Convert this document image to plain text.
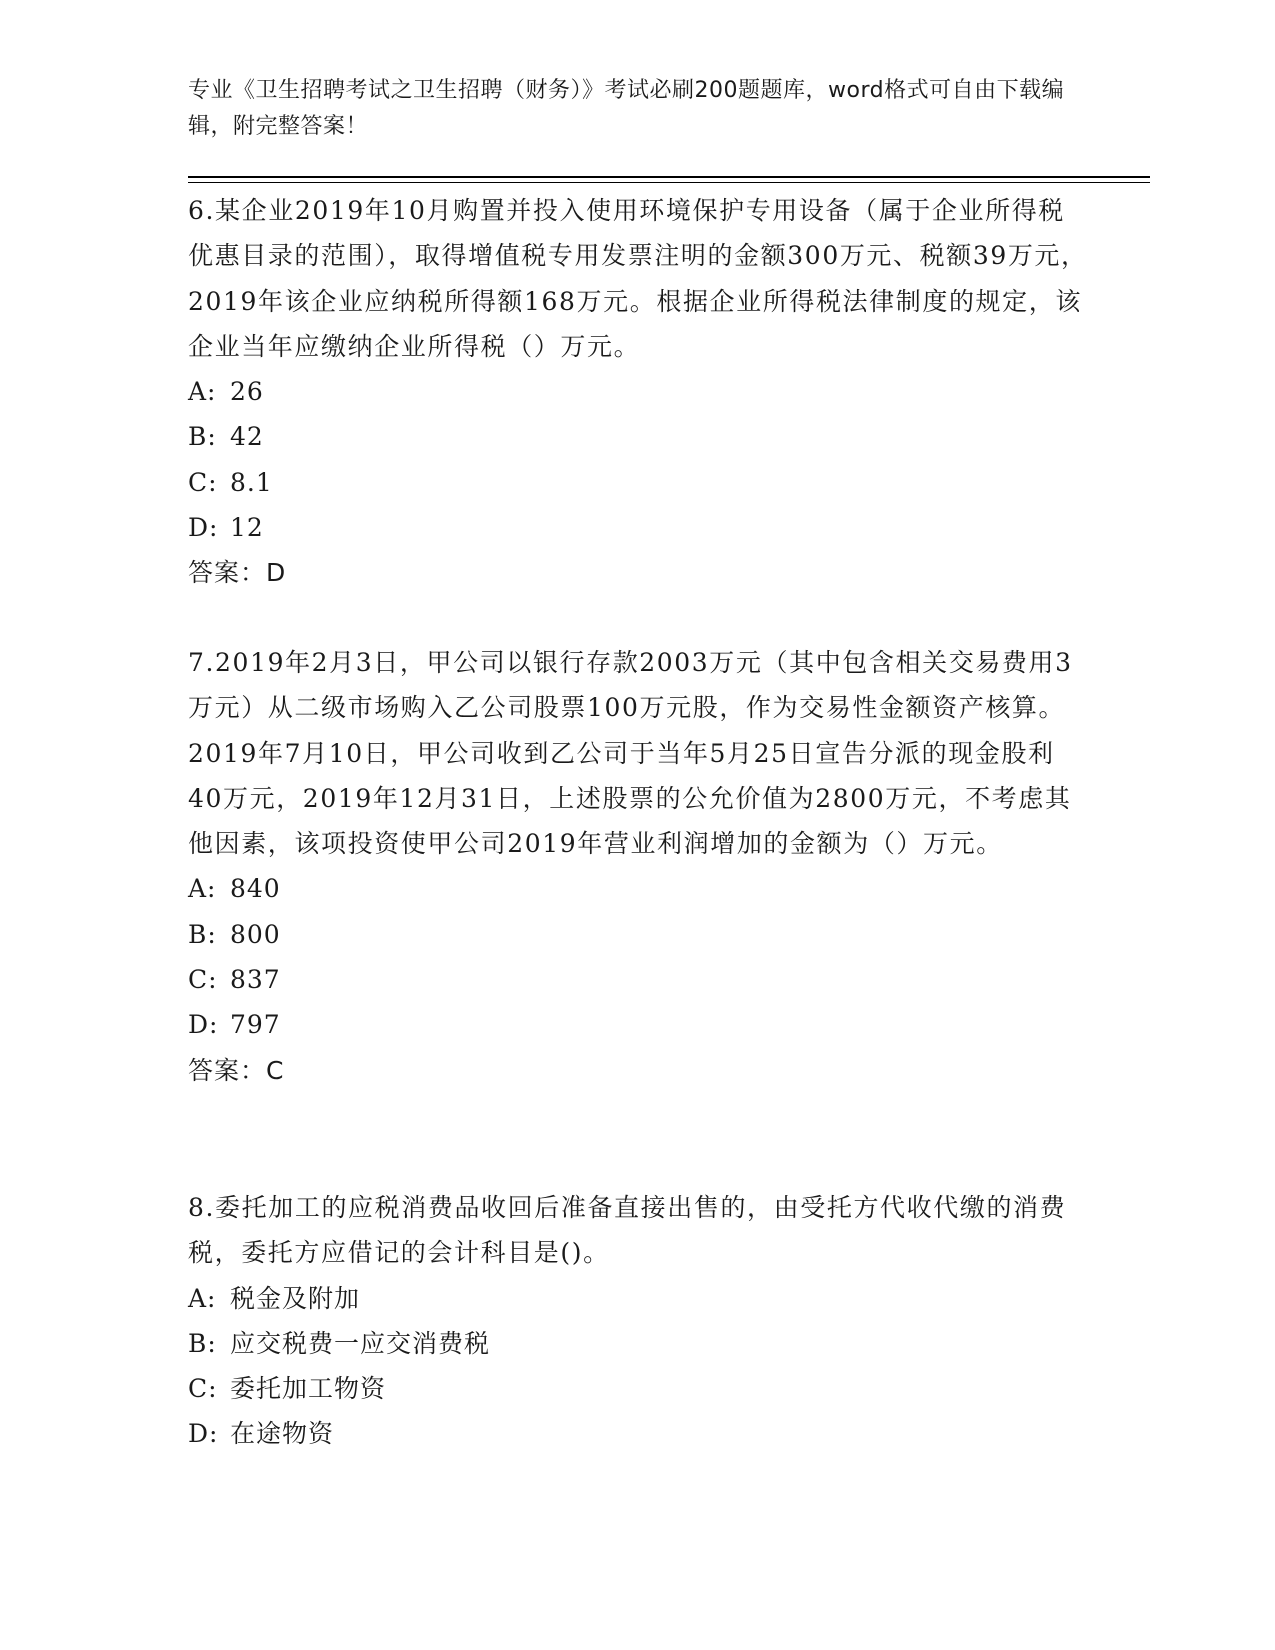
专业《卫生招聘考试之卫生招聘（财务）》考试必刷200题题库，word格式可自由下载编辑，附完整答案！

6.某企业2019年10月购置并投入使用环境保护专用设备（属于企业所得税优惠目录的范围），取得增值税专用发票注明的金额300万元、税额39万元，2019年该企业应纳税所得额168万元。根据企业所得税法律制度的规定，该企业当年应缴纳企业所得税（）万元。

A: 26
B: 42
C: 8.1
D: 12
答案：D

7.2019年2月3日，甲公司以银行存款2003万元（其中包含相关交易费用3万元）从二级市场购入乙公司股票100万元股，作为交易性金额资产核算。2019年7月10日，甲公司收到乙公司于当年5月25日宣告分派的现金股利40万元，2019年12月31日，上述股票的公允价值为2800万元，不考虑其他因素，该项投资使甲公司2019年营业利润增加的金额为（）万元。

A: 840
B: 800
C: 837
D: 797
答案：C

8.委托加工的应税消费品收回后准备直接出售的，由受托方代收代缴的消费税，委托方应借记的会计科目是()。

A: 税金及附加
B: 应交税费一应交消费税
C: 委托加工物资
D: 在途物资
